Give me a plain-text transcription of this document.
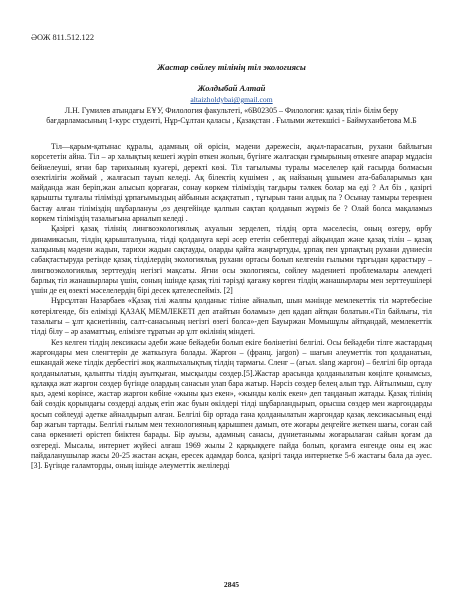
ӘОЖ 811.512.122
Жастар сөйлеу тілінің тіл экологиясы
Жолдыбай Алтай
altaizholdybai@gmail.com
Л.Н. Гумилев атындағы ЕҰУ, Филология факультеті, «6В02305 – Филология: қазақ тілі» білім беру бағдарламасының 1-курс студенті, Нұр-Сұлтан қаласы , Қазақстан . Ғылыми жетекшісі - Баймуханбетова М.Б

Тіл—қарым-қатынас құралы, адамның ой өрісін, мәдени дәрежесін, ақыл-парасатын, рухани байлығын көрсететін айна. Тіл – әр халықтың кешегі жүріп өткен жолын, бүгінге жалғасқан ғұмырының өткенге апарар мұдасін бейнелеуші, яғни бар тарихының куәгері, деректі көзі. Тіл тағылымы туралы мәселелер қай ғасырда болмасын өзектілігін жоймай , жалғасып тауып келеді. Ақ білектің күшімен , ақ найзаның ұшымен ата-бабаларымыз қан майданда жан беріп,жан алысып қорғаған, сонау көркем тіліміздің тағдыры тәлкек болар ма еді ? Ал біз , қазіргі қарышты тұлғалы тілімізді ұрпағымыздың айбынын асқақтатып , тұғырын тани алдық па ? Осынау тамыры тереңнен бастау алған тіліміздің шұбарлануы ,өз деңгейінде қалпын сақтап қолданып жүрміз бе ? Олай болса мақаламыз көркем тіліміздің тазалығына арналып келеді .

Қазіргі қазақ тілінің лингвоэкологиялық ахуалын зерделеп, тілдің орта мәселесін, оның өзгеру, өрбу динамикасын, тілдің қарышталуына, тілді қолдануға кері әсер ететін себептерді айқындап және қазақ тілін – қазақ халқының мәдени жадын, тарихи жадын сақтауды, оларды қайта жаңғыртуды, ұрпақ пен ұрпақтың рухани дүниесін сабақтастыруда ретінде қазақ тілділердің экологиялық рухани ортасы болып келгенін ғылыми тұрғыдан қарастыру – лингвоэкологиялық зерттеудің негізгі мақсаты. Яғни осы экологиясы, сөйлеу мәдениеті проблемалары әлемдегі барлық тіл жанашырлары үшін, соның ішінде қазақ тілі тәрізді қағажу көрген тілдің жанашырлары мен зерттеушілері үшін де ең өзекті мәселелердің бірі десек қателеспейміз. [2]

Нұрсұлтан Назарбаев «Қазақ тілі жалпы қолданыс тіліне айналып, шын мәнінде мемлекеттік тіл мәртебесіне көтерілгенде, біз елімізді ҚАЗАҚ МЕМЛЕКЕТІ деп атайтын боламыз» деп қадап айтқан болатын.«Тіл байлығы, тіл тазалығы – ұлт қасиетіннің, салт-санасының негізгі өзегі болса»-деп Бауыржан Момышұлы айтқандай, мемлекеттік тілді білу – әр азаматтың, елімізге тұратын әр ұлт өкілінің міндеті.

Кез келген тілдің лексикасы әдеби және бейәдеби болып екіге бөлінетіні белгілі. Осы бейәдеби тілге жастардың жаргондары мен сленгтерін де жаткызуға болады. Жаргон – (франц. jargon) – шағын әлеуметтік топ қолданатын, ешкандай жеке тілдік дербестігі жоқ жалпыхалықтық тілдің тармағы. Сленг – (ағыл. slang жаргон) – белгілі бір ортада қолданылатын, қалыпты тілдің ауытқыған, мысқылды сөздер.[5].Жастар арасында қолданылатын көңілге қонымсыз, құлаққа жат жаргон сөздер бүгінде олардың санасын улап бара жатыр. Нәрсіз сөздер белең алып тұр. Айтылмыш, сұлу қыз, әдемі көрінсе, жастар жаргон көбіне «жыны қыз екен», «жынды көлік екен» деп таңданып жатады. Қазақ тілінің бай сөздік қорындағы сөздерді алдық етіп жас буын өкілдері тілді шұбарландырып, орысша сөздер мен жаргондарды қосып сөйлеуді әдетке айналдырып алған. Белгілі бір ортада ғана қолданылатын жаргондар қазақ лексикасының енді бар жағын тартады. Белгілі ғылым мен технологияның қарышпен дамып, өте жоғары деңгейге жеткен шағы, соған сай сана өркениеті өрістеп биіктен барады. Бір ауызы, адамның санасы, дүниетанымы жоғарылаған сайын қоғам да өзгереді. Мысалы, интернет жүйесі алғаш 1969 жылы 2 қарқыққеге пайда болып, қоғамға енгенде оны ең жас пайдаланушылар жасы 20-25 жастан асқан, ересек адамдар болса, қазіргі таңда интернетке 5-6 жастағы бала да әуес.[3]. Бүгінде ғаламторды, оның ішінде әлеуметтік желілерді

2845
